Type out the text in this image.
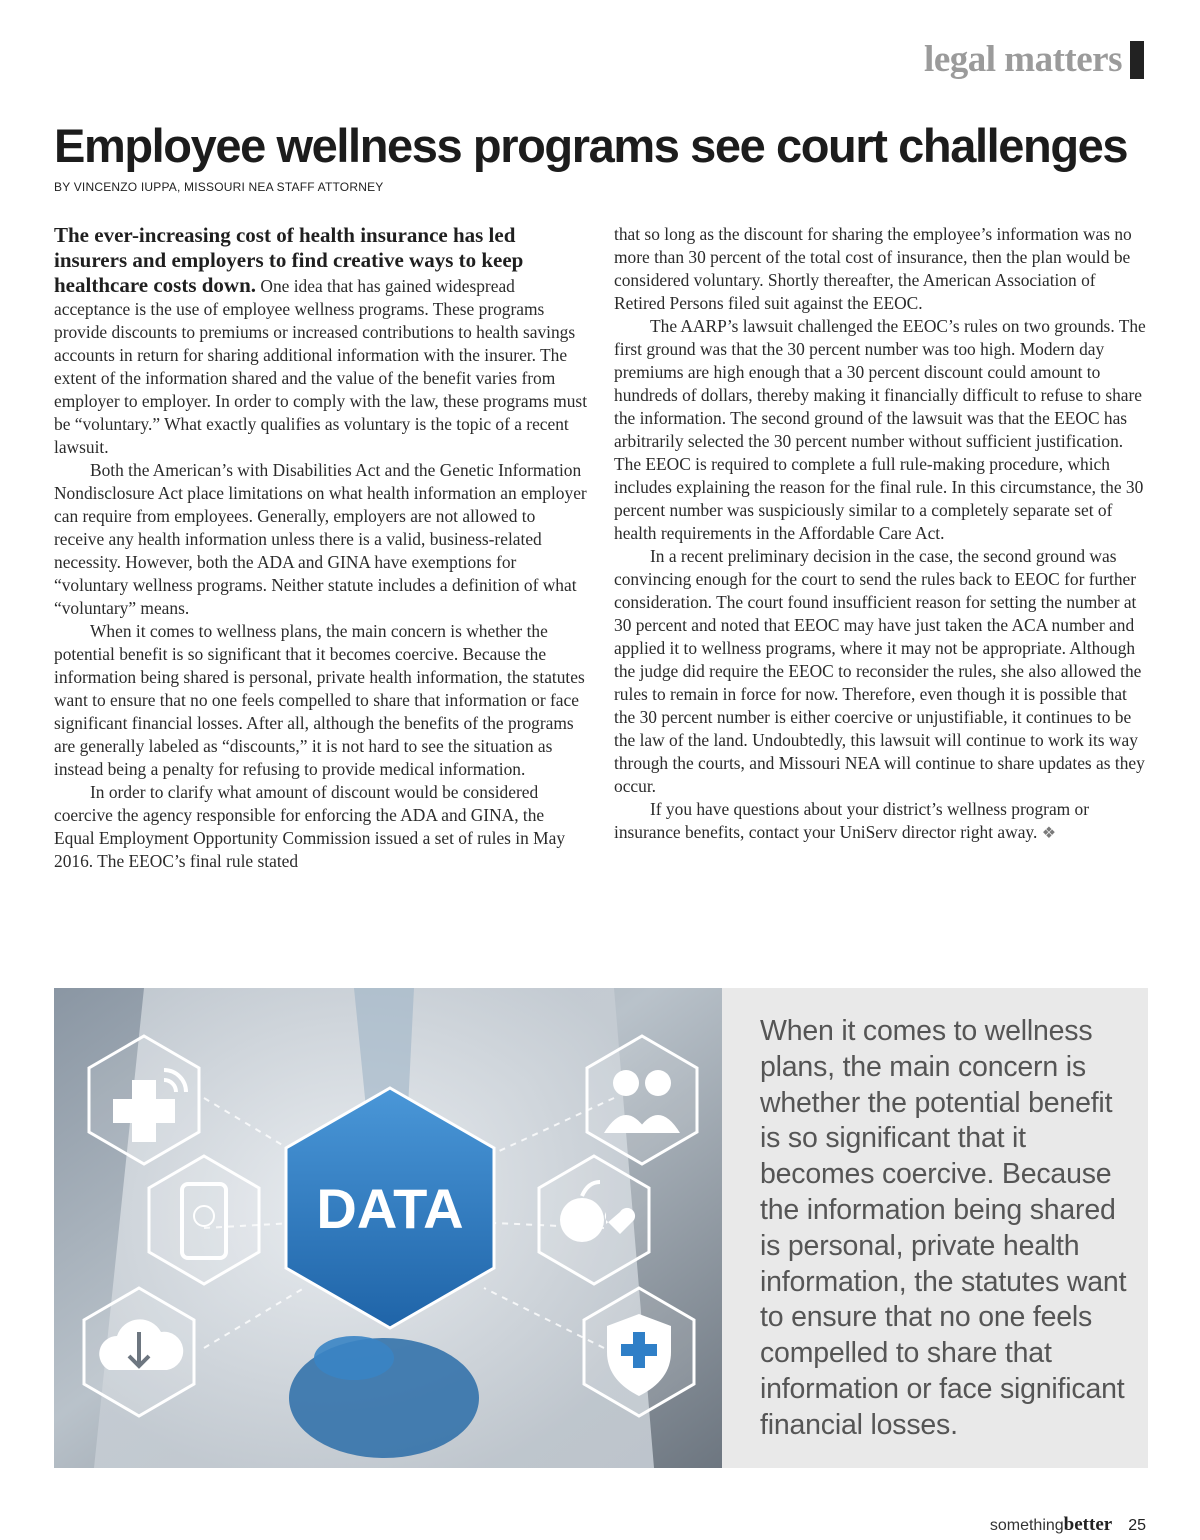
legal matters
Employee wellness programs see court challenges
BY VINCENZO IUPPA, MISSOURI NEA STAFF ATTORNEY

The ever-increasing cost of health insurance has led insurers and employers to find creative ways to keep healthcare costs down. One idea that has gained widespread acceptance is the use of employee wellness programs. These programs provide discounts to premiums or increased contributions to health savings accounts in return for sharing additional information with the insurer. The extent of the information shared and the value of the benefit varies from employer to employer. In order to comply with the law, these programs must be “voluntary.” What exactly qualifies as voluntary is the topic of a recent lawsuit.

Both the American’s with Disabilities Act and the Genetic Information Nondisclosure Act place limitations on what health information an employer can require from employees. Generally, employers are not allowed to receive any health information unless there is a valid, business-related necessity. However, both the ADA and GINA have exemptions for “voluntary wellness programs. Neither statute includes a definition of what “voluntary” means.

When it comes to wellness plans, the main concern is whether the potential benefit is so significant that it becomes coercive. Because the information being shared is personal, private health information, the statutes want to ensure that no one feels compelled to share that information or face significant financial losses. After all, although the benefits of the programs are generally labeled as “discounts,” it is not hard to see the situation as instead being a penalty for refusing to provide medical information.

In order to clarify what amount of discount would be considered coercive the agency responsible for enforcing the ADA and GINA, the Equal Employment Opportunity Commission issued a set of rules in May 2016. The EEOC’s final rule stated

that so long as the discount for sharing the employee’s information was no more than 30 percent of the total cost of insurance, then the plan would be considered voluntary. Shortly thereafter, the American Association of Retired Persons filed suit against the EEOC.

The AARP’s lawsuit challenged the EEOC’s rules on two grounds. The first ground was that the 30 percent number was too high. Modern day premiums are high enough that a 30 percent discount could amount to hundreds of dollars, thereby making it financially difficult to refuse to share the information. The second ground of the lawsuit was that the EEOC has arbitrarily selected the 30 percent number without sufficient justification. The EEOC is required to complete a full rule-making procedure, which includes explaining the reason for the final rule. In this circumstance, the 30 percent number was suspiciously similar to a completely separate set of health requirements in the Affordable Care Act.

In a recent preliminary decision in the case, the second ground was convincing enough for the court to send the rules back to EEOC for further consideration. The court found insufficient reason for setting the number at 30 percent and noted that EEOC may have just taken the ACA number and applied it to wellness programs, where it may not be appropriate. Although the judge did require the EEOC to reconsider the rules, she also allowed the rules to remain in force for now. Therefore, even though it is possible that the 30 percent number is either coercive or unjustifiable, it continues to be the law of the land. Undoubtedly, this lawsuit will continue to work its way through the courts, and Missouri NEA will continue to share updates as they occur.

If you have questions about your district’s wellness program or insurance benefits, contact your UniServ director right away. ❖

DATA

When it comes to wellness plans, the main concern is whether the potential benefit is so significant that it becomes coercive. Because the information being shared is personal, private health information, the statutes want to ensure that no one feels compelled to share that information or face significant financial losses.

something better 25
